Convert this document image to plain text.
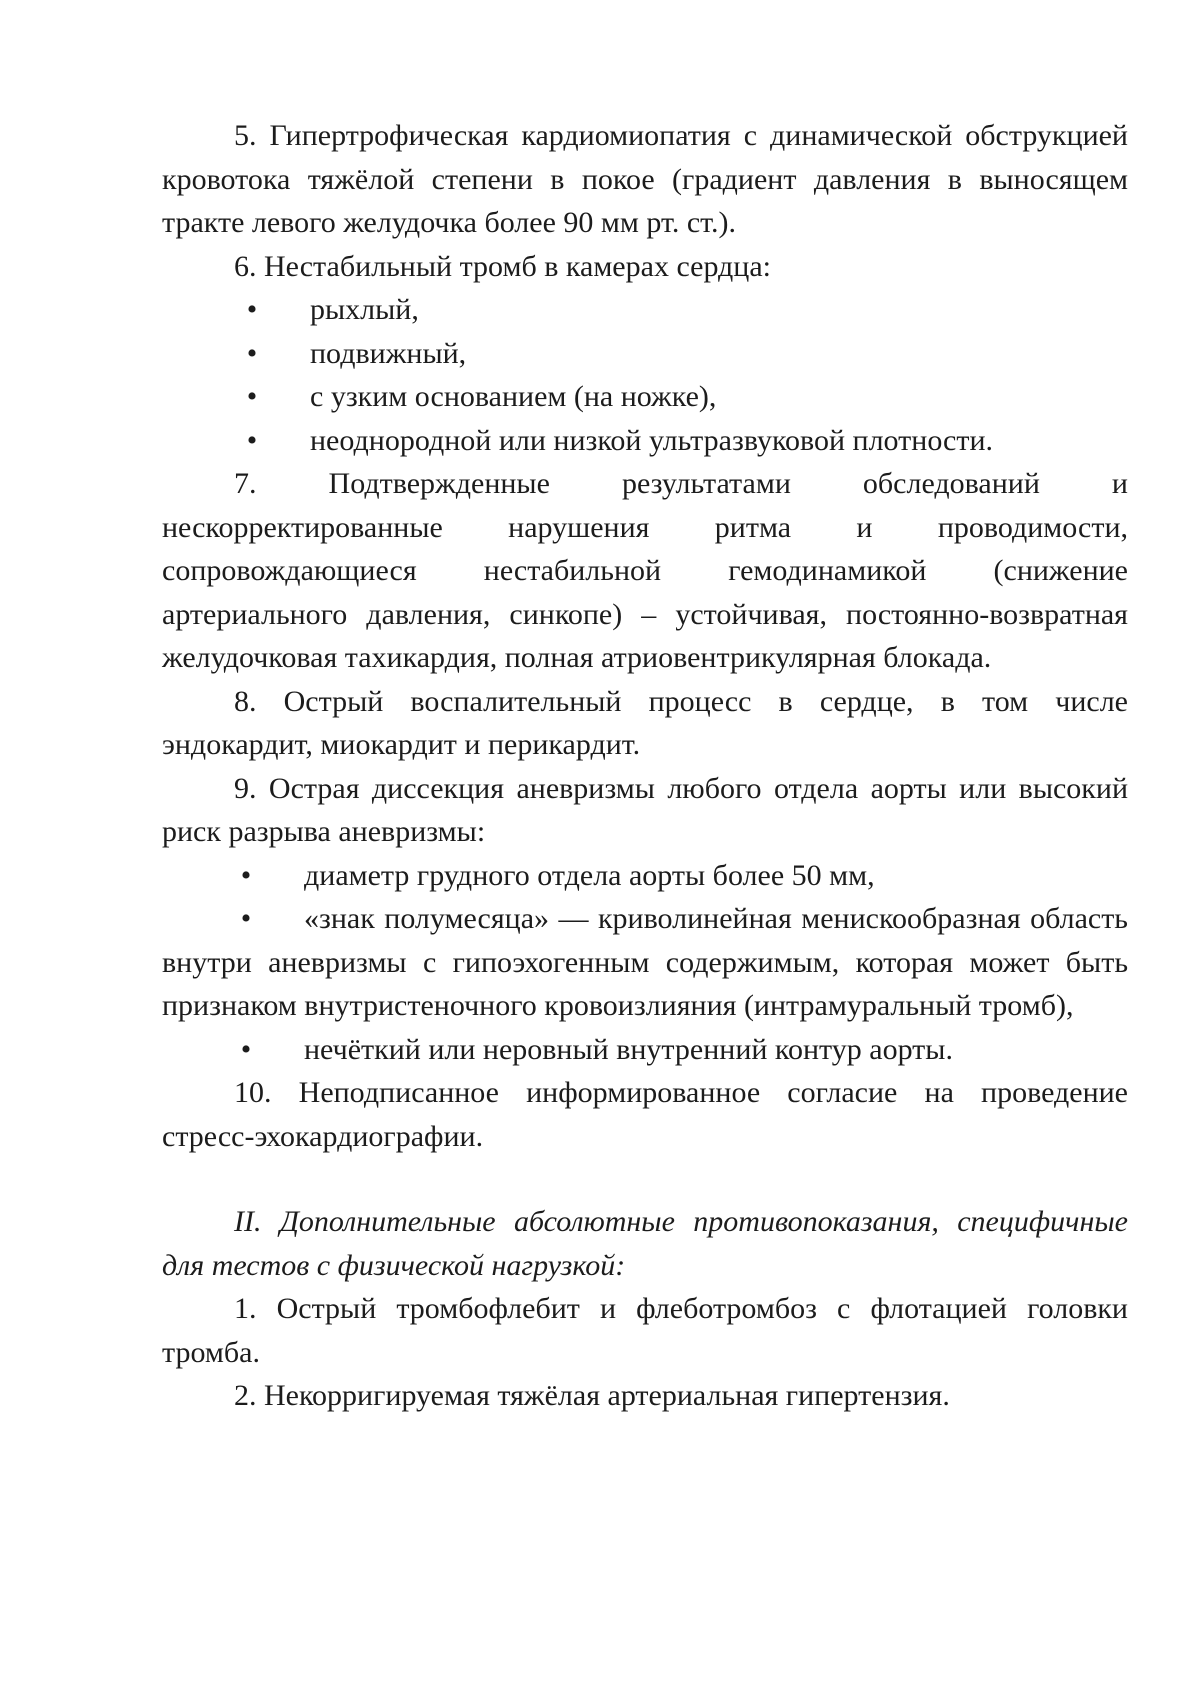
5. Гипертрофическая кардиомиопатия с динамической обструкцией кровотока тяжёлой степени в покое (градиент давления в выносящем тракте левого желудочка более 90 мм рт. ст.).

6. Нестабильный тромб в камерах сердца:

• рыхлый,

• подвижный,

• с узким основанием (на ножке),

• неоднородной или низкой ультразвуковой плотности.

7. Подтвержденные результатами обследований и нескорректированные нарушения ритма и проводимости, сопровождающиеся нестабильной гемодинамикой (снижение артериального давления, синкопе) – устойчивая, постоянно-возвратная желудочковая тахикардия, полная атриовентрикулярная блокада.

8. Острый воспалительный процесс в сердце, в том числе эндокардит, миокардит и перикардит.

9. Острая диссекция аневризмы любого отдела аорты или высокий риск разрыва аневризмы:

• диаметр грудного отдела аорты более 50 мм,

• «знак полумесяца» — криволинейная менискообразная область внутри аневризмы с гипоэхогенным содержимым, которая может быть признаком внутристеночного кровоизлияния (интрамуральный тромб),

• нечёткий или неровный внутренний контур аорты.

10. Неподписанное информированное согласие на проведение стресс-эхокардиографии.

II. Дополнительные абсолютные противопоказания, специфичные для тестов с физической нагрузкой:

1. Острый тромбофлебит и флеботромбоз с флотацией головки тромба.

2. Некорригируемая тяжёлая артериальная гипертензия.
